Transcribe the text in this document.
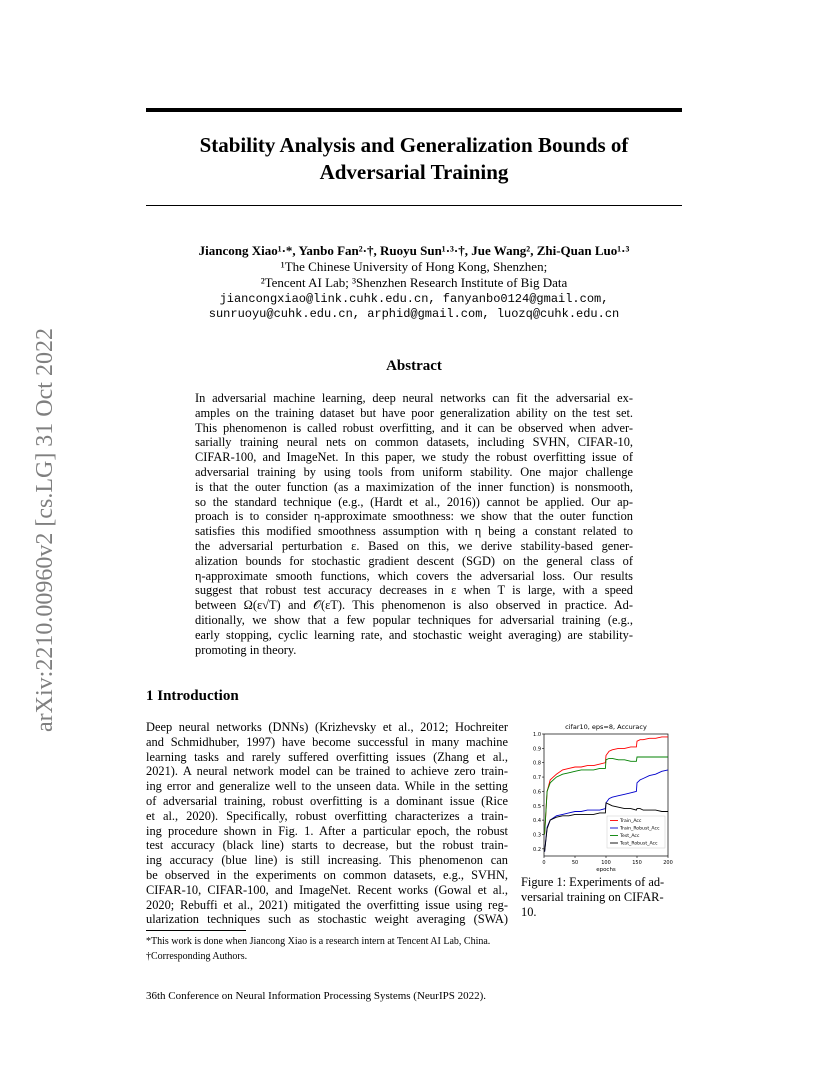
arXiv:2210.00960v2 [cs.LG] 31 Oct 2022
Stability Analysis and Generalization Bounds of
Adversarial Training
Jiancong Xiao¹·*, Yanbo Fan²·†, Ruoyu Sun¹·³·†, Jue Wang², Zhi-Quan Luo¹·³
¹The Chinese University of Hong Kong, Shenzhen;
²Tencent AI Lab; ³Shenzhen Research Institute of Big Data
jiancongxiao@link.cuhk.edu.cn, fanyanbo0124@gmail.com,
sunruoyu@cuhk.edu.cn, arphid@gmail.com, luozq@cuhk.edu.cn
Abstract
In adversarial machine learning, deep neural networks can fit the adversarial ex-
amples on the training dataset but have poor generalization ability on the test set.
This phenomenon is called robust overfitting, and it can be observed when adver-
sarially training neural nets on common datasets, including SVHN, CIFAR-10,
CIFAR-100, and ImageNet. In this paper, we study the robust overfitting issue of
adversarial training by using tools from uniform stability. One major challenge
is that the outer function (as a maximization of the inner function) is nonsmooth,
so the standard technique (e.g., (Hardt et al., 2016)) cannot be applied. Our ap-
proach is to consider η-approximate smoothness: we show that the outer function
satisfies this modified smoothness assumption with η being a constant related to
the adversarial perturbation ε. Based on this, we derive stability-based gener-
alization bounds for stochastic gradient descent (SGD) on the general class of
η-approximate smooth functions, which covers the adversarial loss. Our results
suggest that robust test accuracy decreases in ε when T is large, with a speed
between Ω(ε√T) and 𝒪(εT). This phenomenon is also observed in practice. Ad-
ditionally, we show that a few popular techniques for adversarial training (e.g.,
early stopping, cyclic learning rate, and stochastic weight averaging) are stability-
promoting in theory.
1 Introduction
Deep neural networks (DNNs) (Krizhevsky et al., 2012; Hochreiter
and Schmidhuber, 1997) have become successful in many machine
learning tasks and rarely suffered overfitting issues (Zhang et al.,
2021). A neural network model can be trained to achieve zero train-
ing error and generalize well to the unseen data. While in the setting
of adversarial training, robust overfitting is a dominant issue (Rice
et al., 2020). Specifically, robust overfitting characterizes a train-
ing procedure shown in Fig. 1. After a particular epoch, the robust
test accuracy (black line) starts to decrease, but the robust train-
ing accuracy (blue line) is still increasing. This phenomenon can
be observed in the experiments on common datasets, e.g., SVHN,
CIFAR-10, CIFAR-100, and ImageNet. Recent works (Gowal et al.,
2020; Rebuffi et al., 2021) mitigated the overfitting issue using reg-
ularization techniques such as stochastic weight averaging (SWA)
cifar10, eps=8, Accuracy
0.2
0.3
0.4
0.5
0.6
0.7
0.8
0.9
1.0
0	50	100	150	200
epochs
Train_Acc
Train_Robust_Acc
Test_Acc
Test_Robust_Acc
Figure 1: Experiments of ad-
versarial training on CIFAR-
10.
*This work is done when Jiancong Xiao is a research intern at Tencent AI Lab, China.
†Corresponding Authors.
36th Conference on Neural Information Processing Systems (NeurIPS 2022).
